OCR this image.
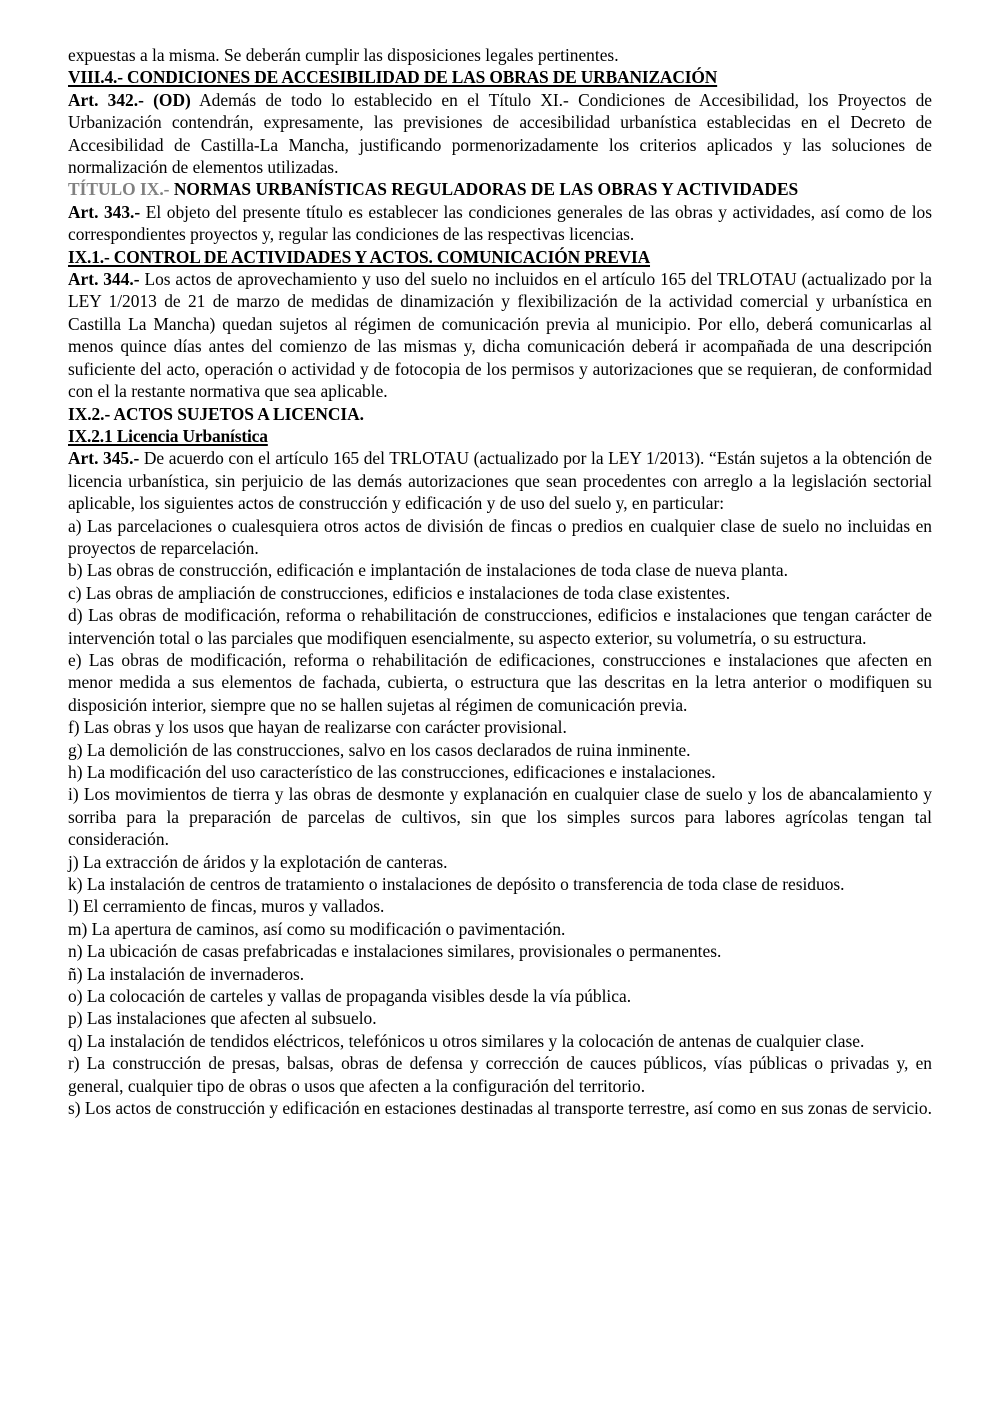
expuestas a la misma. Se deberán cumplir las disposiciones legales pertinentes.

VIII.4.- CONDICIONES DE ACCESIBILIDAD DE LAS OBRAS DE URBANIZACIÓN

Art. 342.- (OD) Además de todo lo establecido en el Título XI.- Condiciones de Accesibilidad, los Proyectos de Urbanización contendrán, expresamente, las previsiones de accesibilidad urbanística establecidas en el Decreto de Accesibilidad de Castilla-La Mancha, justificando pormenorizadamente los criterios aplicados y las soluciones de normalización de elementos utilizadas.

TÍTULO IX.- NORMAS URBANÍSTICAS REGULADORAS DE LAS OBRAS Y ACTIVIDADES

Art. 343.- El objeto del presente título es establecer las condiciones generales de las obras y actividades, así como de los correspondientes proyectos y, regular las condiciones de las respectivas licencias.

IX.1.- CONTROL DE ACTIVIDADES Y ACTOS. COMUNICACIÓN PREVIA

Art. 344.- Los actos de aprovechamiento y uso del suelo no incluidos en el artículo 165 del TRLOTAU (actualizado por la LEY 1/2013 de 21 de marzo de medidas de dinamización y flexibilización de la actividad comercial y urbanística en Castilla La Mancha) quedan sujetos al régimen de comunicación previa al municipio. Por ello, deberá comunicarlas al menos quince días antes del comienzo de las mismas y, dicha comunicación deberá ir acompañada de una descripción suficiente del acto, operación o actividad y de fotocopia de los permisos y autorizaciones que se requieran, de conformidad con el la restante normativa que sea aplicable.

IX.2.- ACTOS SUJETOS A LICENCIA.

IX.2.1 Licencia Urbanística

Art. 345.- De acuerdo con el artículo 165 del TRLOTAU (actualizado por la LEY 1/2013). “Están sujetos a la obtención de licencia urbanística, sin perjuicio de las demás autorizaciones que sean procedentes con arreglo a la legislación sectorial aplicable, los siguientes actos de construcción y edificación y de uso del suelo y, en particular:

a) Las parcelaciones o cualesquiera otros actos de división de fincas o predios en cualquier clase de suelo no incluidas en proyectos de reparcelación.

b) Las obras de construcción, edificación e implantación de instalaciones de toda clase de nueva planta.

c) Las obras de ampliación de construcciones, edificios e instalaciones de toda clase existentes.

d) Las obras de modificación, reforma o rehabilitación de construcciones, edificios e instalaciones que tengan carácter de intervención total o las parciales que modifiquen esencialmente, su aspecto exterior, su volumetría, o su estructura.

e) Las obras de modificación, reforma o rehabilitación de edificaciones, construcciones e instalaciones que afecten en menor medida a sus elementos de fachada, cubierta, o estructura que las descritas en la letra anterior o modifiquen su disposición interior, siempre que no se hallen sujetas al régimen de comunicación previa.

f) Las obras y los usos que hayan de realizarse con carácter provisional.

g) La demolición de las construcciones, salvo en los casos declarados de ruina inminente.

h) La modificación del uso característico de las construcciones, edificaciones e instalaciones.

i) Los movimientos de tierra y las obras de desmonte y explanación en cualquier clase de suelo y los de abancalamiento y sorriba para la preparación de parcelas de cultivos, sin que los simples surcos para labores agrícolas tengan tal consideración.

j) La extracción de áridos y la explotación de canteras.

k) La instalación de centros de tratamiento o instalaciones de depósito o transferencia de toda clase de residuos.

l) El cerramiento de fincas, muros y vallados.

m) La apertura de caminos, así como su modificación o pavimentación.

n) La ubicación de casas prefabricadas e instalaciones similares, provisionales o permanentes.

ñ) La instalación de invernaderos.

o) La colocación de carteles y vallas de propaganda visibles desde la vía pública.

p) Las instalaciones que afecten al subsuelo.

q) La instalación de tendidos eléctricos, telefónicos u otros similares y la colocación de antenas de cualquier clase.

r) La construcción de presas, balsas, obras de defensa y corrección de cauces públicos, vías públicas o privadas y, en general, cualquier tipo de obras o usos que afecten a la configuración del territorio.

s) Los actos de construcción y edificación en estaciones destinadas al transporte terrestre, así como en sus zonas de servicio.
